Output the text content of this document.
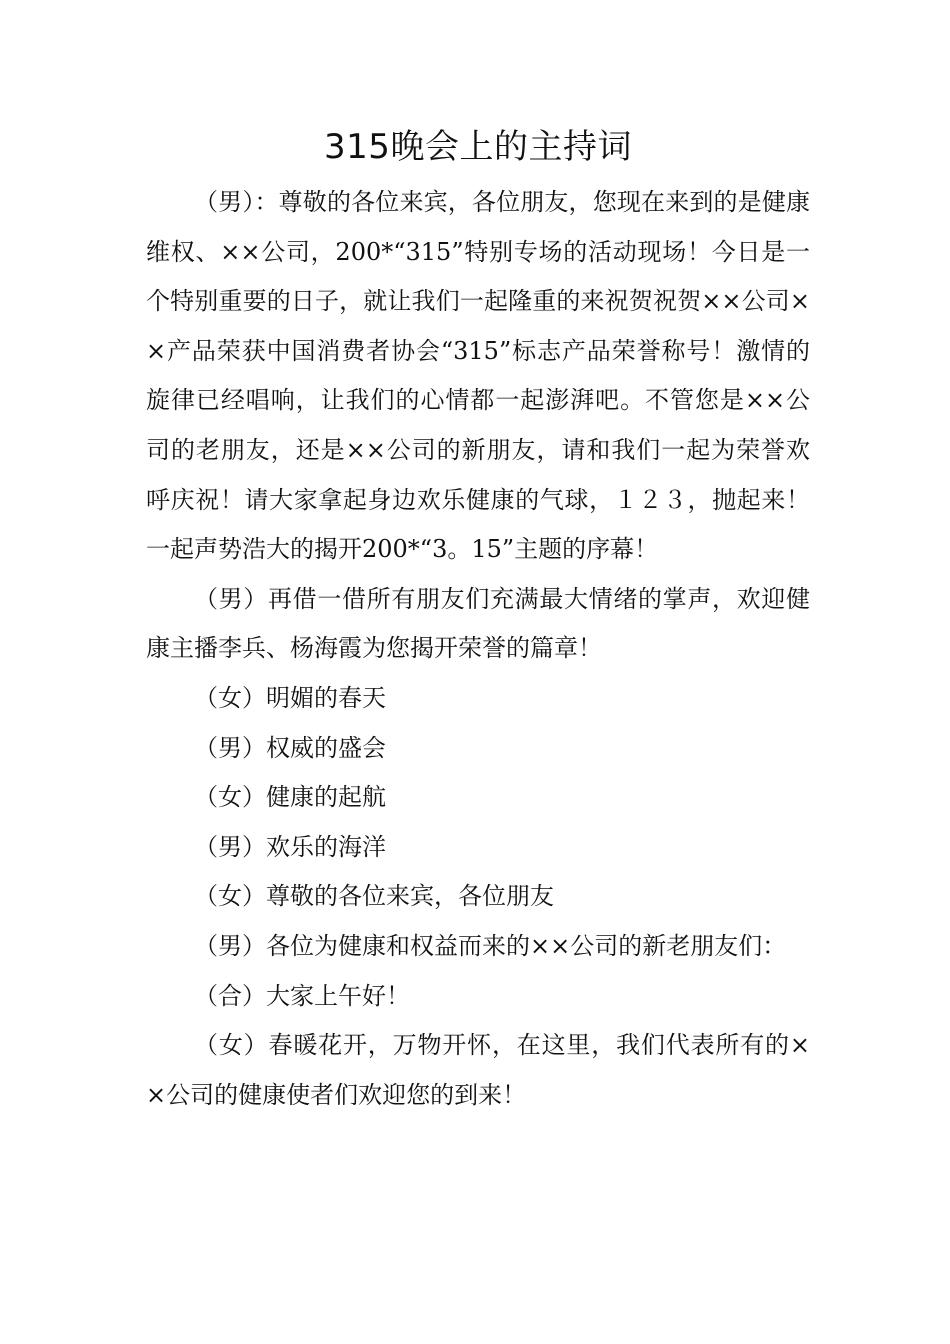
315晚会上的主持词

（男）：尊敬的各位来宾，各位朋友，您现在来到的是健康维权、××公司，200*“315”特别专场的活动现场！今日是一个特别重要的日子，就让我们一起隆重的来祝贺祝贺××公司××产品荣获中国消费者协会“315”标志产品荣誉称号！激情的旋律已经唱响，让我们的心情都一起澎湃吧。不管您是××公司的老朋友，还是××公司的新朋友，请和我们一起为荣誉欢呼庆祝！请大家拿起身边欢乐健康的气球，１２３，抛起来！一起声势浩大的揭开200*“3。15”主题的序幕！

（男）再借一借所有朋友们充满最大情绪的掌声，欢迎健康主播李兵、杨海霞为您揭开荣誉的篇章！

（女）明媚的春天

（男）权威的盛会

（女）健康的起航

（男）欢乐的海洋

（女）尊敬的各位来宾，各位朋友

（男）各位为健康和权益而来的××公司的新老朋友们：

（合）大家上午好！

（女）春暖花开，万物开怀，在这里，我们代表所有的××公司的健康使者们欢迎您的到来！
